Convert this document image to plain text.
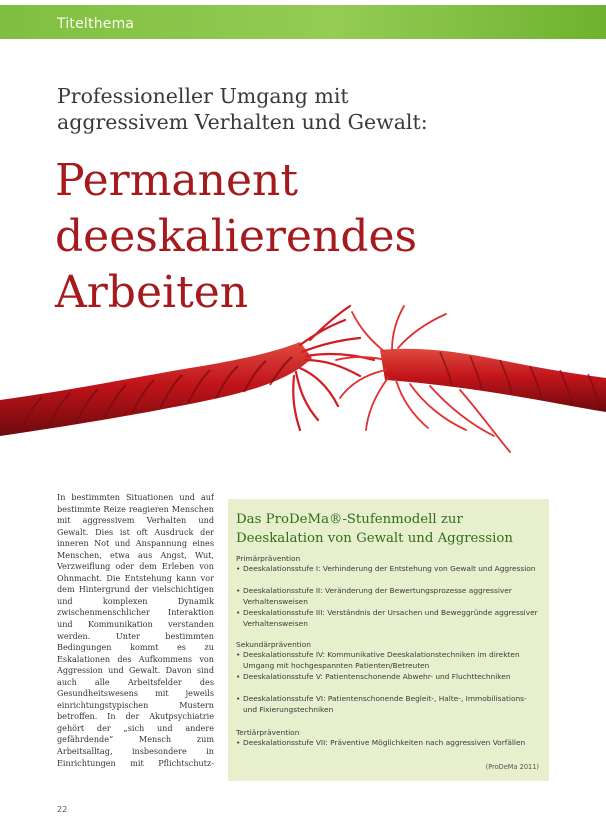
Titelthema
Professioneller Umgang mit
aggressivem Verhalten und Gewalt:
Permanent
deeskalierendes
Arbeiten

In bestimmten Situationen und auf bestimmte Reize reagieren Menschen mit aggressivem Verhalten und Gewalt. Dies ist oft Ausdruck der inneren Not und Anspannung eines Menschen, etwa aus Angst, Wut, Verzweiflung oder dem Erleben von Ohnmacht. Die Entstehung kann vor dem Hintergrund der vielschichtigen und komplexen Dynamik zwischenmenschlicher Interaktion und Kommunikation verstanden werden. Unter bestimmten Bedingungen kommt es zu Eskalationen des Aufkommens von Aggression und Gewalt. Davon sind auch alle Arbeitsfelder des Gesundheitswesens mit jeweils einrichtungstypischen Mustern betroffen. In der Akutpsychiatrie gehört der „sich und andere gefährdende“ Mensch zum Arbeitsalltag, insbesondere in Einrichtungen mit Pflichtschutz-

Das ProDeMa®-Stufenmodell zur
Deeskalation von Gewalt und Aggression
Primärprävention
• Deeskalationsstufe I: Verhinderung der Entstehung von Gewalt und Aggression
• Deeskalationsstufe II: Veränderung der Bewertungsprozesse aggressiver Verhaltensweisen
• Deeskalationsstufe III: Verständnis der Ursachen und Beweggründe aggressiver Verhaltensweisen
Sekundärprävention
• Deeskalationsstufe IV: Kommunikative Deeskalationstechniken im direkten Umgang mit hochgespannten Patienten/Betreuten
• Deeskalationsstufe V: Patientenschonende Abwehr- und Fluchttechniken
• Deeskalationsstufe VI: Patientenschonende Begleit-, Halte-, Immobilisations- und Fixierungstechniken
Tertiärprävention
• Deeskalationsstufe VII: Präventive Möglichkeiten nach aggressiven Vorfällen
(ProDeMa 2011)
22
